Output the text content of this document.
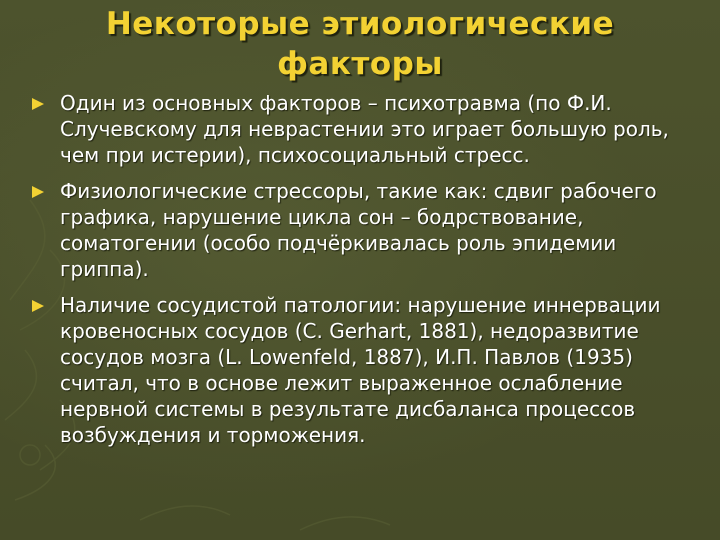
Некоторые этиологические
факторы
Один из основных факторов – психотравма (по Ф.И. Случевскому для неврастении это играет большую роль, чем при истерии), психосоциальный стресс.
Физиологические стрессоры, такие как: сдвиг рабочего графика, нарушение цикла сон – бодрствование, соматогении (особо подчёркивалась роль эпидемии гриппа).
Наличие сосудистой патологии: нарушение иннервации кровеносных сосудов (С. Gerhart, 1881), недоразвитие сосудов мозга (L. Lowenfeld, 1887), И.П. Павлов (1935) считал, что в основе лежит выраженное ослабление нервной системы в результате дисбаланса процессов возбуждения и торможения.
